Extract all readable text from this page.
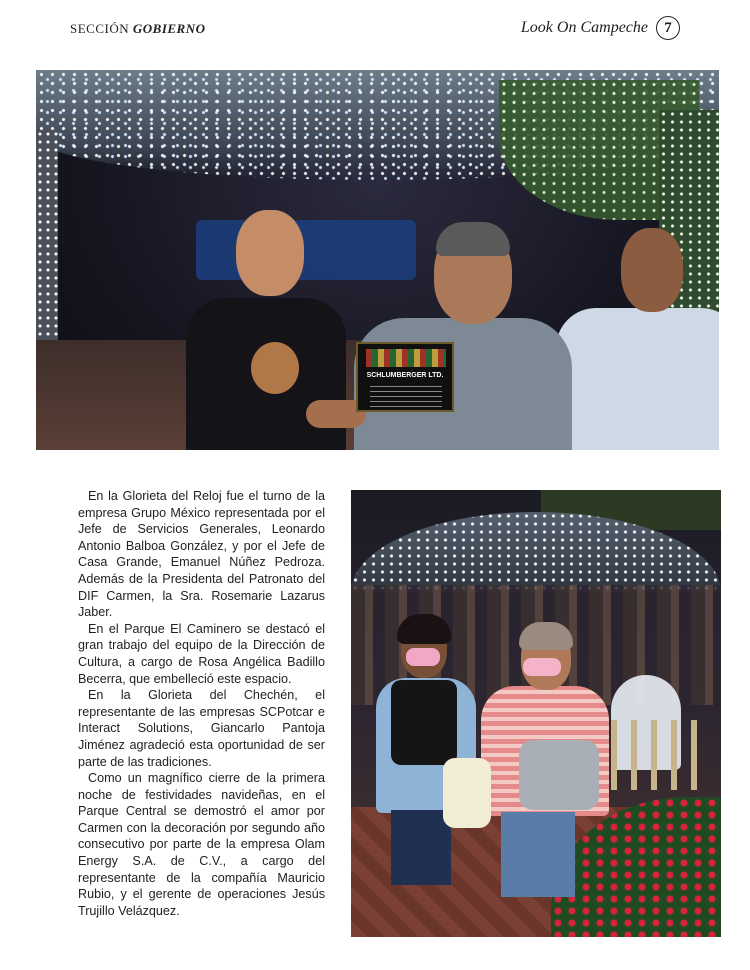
SECCIÓN GOBIERNO	Look On Campeche	7
SCHLUMBERGER LTD.

En la Glorieta del Reloj fue el turno de la empresa Grupo México representada por el Jefe de Servicios Generales, Leonardo Antonio Balboa González, y por el Jefe de Casa Grande, Emanuel Núñez Pedroza. Además de la Presidenta del Patronato del DIF Carmen, la Sra. Rosemarie Lazarus Jaber.

En el Parque El Caminero se destacó el gran trabajo del equipo de la Dirección de Cultura, a cargo de Rosa Angélica Badillo Becerra, que embelleció este espacio.

En la Glorieta del Chechén, el representante de las empresas SCPotcar e Interact Solutions, Giancarlo Pantoja Jiménez agradeció esta oportunidad de ser parte de las tradiciones.

Como un magnífico cierre de la primera noche de festividades navideñas, en el Parque Central se demostró el amor por Carmen con la decoración por segundo año consecutivo por parte de la empresa Olam Energy S.A. de C.V., a cargo del representante de la compañía Mauricio Rubio, y el gerente de operaciones Jesús Trujillo Velázquez.
